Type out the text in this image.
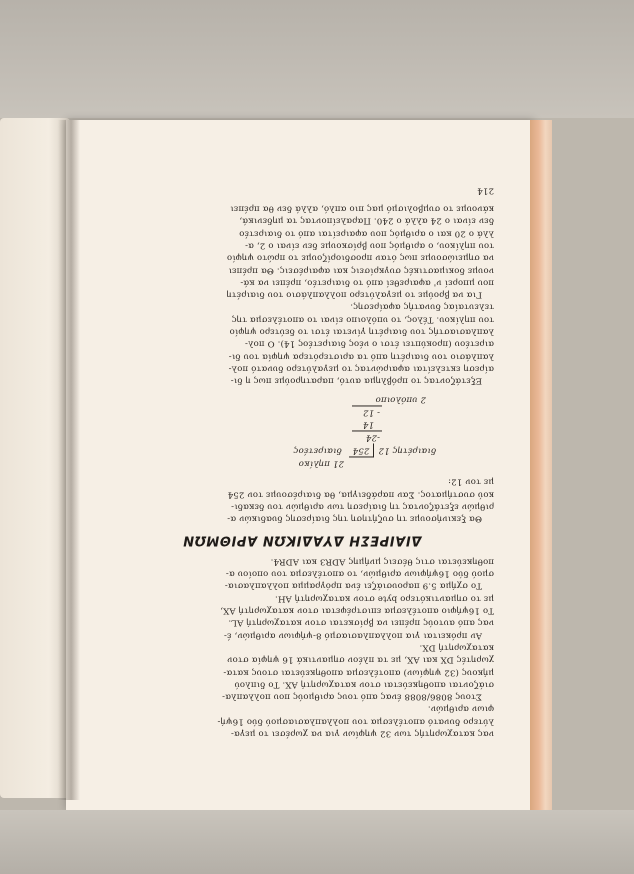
νας καταχωρητής των 32 ψηφίων για να χωρέσει το μεγα-
λύτερο δυνατό αποτέλεσμα του πολλαπλασιασμού δύο 16ψή-
φιων αριθμών.
Στους 8086/8088 ένας από τους αριθμούς που πολλαπλα-
σιάζονται αποθηκεύεται στον καταχωρητή AX. Το διπλού
μήκους (32 ψηφίων) αποτέλεσμα αποθηκεύεται στους κατα-
χωρητές DX και AX, με τα πλέον σημαντικά 16 ψηφία στον
καταχωρητή DX.
Αν πρόκειται για πολλαπλασιασμό 8-ψήφιων αριθμών, έ-
νας από αυτούς πρέπει να βρίσκεται στον καταχωρητή AL.
Το 16ψήφιο αποτέλεσμα επιστρέφεται στον καταχωρητή AX,
με το σημαντικότερο byte στον καταχωρητή AH.
Το σχήμα 5.9 παρουσιάζει ένα πρόγραμμα πολλαπλασια-
σμού δύο 16ψήφιων αριθμών, το αποτέλεσμα του οποίου α-
ποθηκεύεται στις θέσεις μνήμης ADR3 και ADR4.
ΔΙΑΙΡΕΣΗ ΔΥΑΔΙΚΩΝ ΑΡΙΘΜΩΝ
Θα ξεκινήσουμε τη συζήτηση της διαίρεσης δυαδικών α-
ριθμών εξετάζοντας τη διαίρεση των αριθμών του δεκαδι-
κού συστήματος. Σαν παράδειγμα, θα διαιρέσουμε τον 254
με τον 12:
21 πηλίκο
διαιρέτης 12254 διαιρετέος
-24
14
- 12
2 υπόλοιπο
Εξετάζοντας το πρόβλημα αυτό, παρατηρούμε πως η δι-
αίρεση εκτελείται αφαιρώντας το μεγαλύτερο δυνατό πολ-
λαπλάσιο του διαιρέτη από τα αριστερότερα ψηφία του δι-
αιρετέου (προκύπτει έτσι ο νέος διαιρετέος 14). Ο πολ-
λαπλασιαστής του διαιρέτη γίνεται έτσι το δεύτερο ψηφίο
του πηλίκου. Τέλος, το υπόλοιπο είναι το αποτέλεσμα της
τελευταίας δυνατής αφαίρεσης.
Για να βρούμε το μεγαλύτερο πολλαπλάσιο του διαιρέτη
που μπορεί ν' αφαιρεθεί από το διαιρετέο, πρέπει να κά-
νουμε δοκιμαστικές συγκρίσεις και αφαιρέσεις. Θα πρέπει
να σημειώσουμε πως όταν προσδιορίζουμε το πρώτο ψηφίο
του πηλίκου, ο αριθμός που βρίσκουμε δεν είναι ο 2, α-
λλά ο 20 και ο αριθμός που αφαιρείται από το διαιρετέο
δεν είναι ο 24 αλλά ο 240. Παραλείποντας τα μηδενικά,
κάνουμε το συμβολισμό μας πιο απλό, αλλά δεν θα πρέπει
214
